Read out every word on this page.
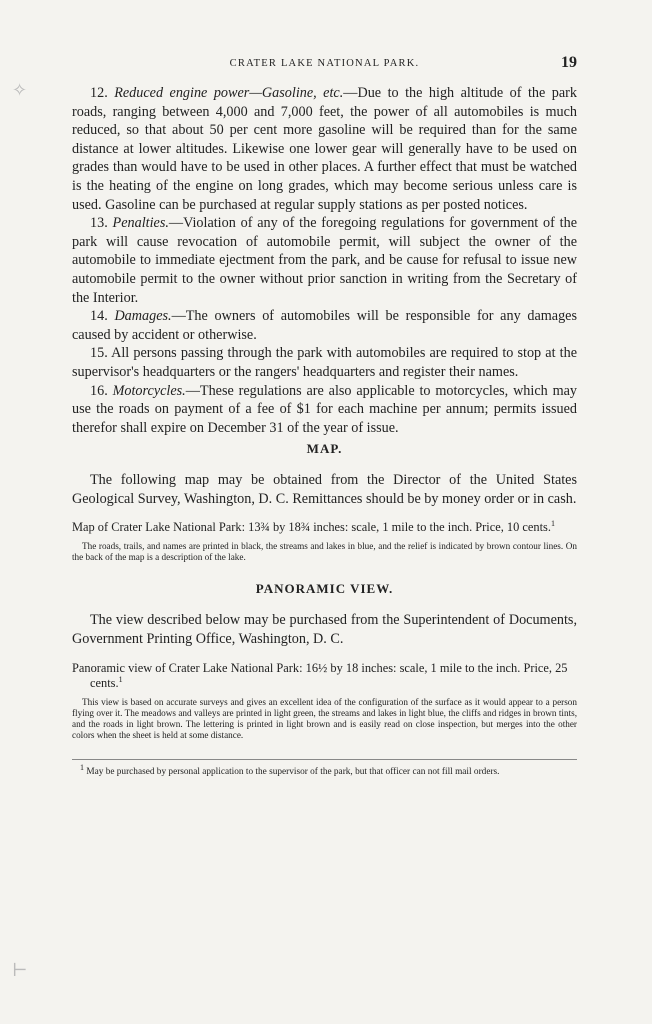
✧
⊢
CRATER LAKE NATIONAL PARK.	19

12. Reduced engine power—Gasoline, etc.—Due to the high altitude of the park roads, ranging between 4,000 and 7,000 feet, the power of all automobiles is much reduced, so that about 50 per cent more gasoline will be required than for the same distance at lower altitudes. Likewise one lower gear will generally have to be used on grades than would have to be used in other places. A further effect that must be watched is the heating of the engine on long grades, which may become serious unless care is used. Gasoline can be purchased at regular supply stations as per posted notices.

13. Penalties.—Violation of any of the foregoing regulations for government of the park will cause revocation of automobile permit, will subject the owner of the automobile to immediate ejectment from the park, and be cause for refusal to issue new automobile permit to the owner without prior sanction in writing from the Secretary of the Interior.

14. Damages.—The owners of automobiles will be responsible for any damages caused by accident or otherwise.

15. All persons passing through the park with automobiles are required to stop at the supervisor's headquarters or the rangers' headquarters and register their names.

16. Motorcycles.—These regulations are also applicable to motorcycles, which may use the roads on payment of a fee of $1 for each machine per annum; permits issued therefor shall expire on December 31 of the year of issue.

MAP.

The following map may be obtained from the Director of the United States Geological Survey, Washington, D. C. Remittances should be by money order or in cash.

Map of Crater Lake National Park: 13¾ by 18¾ inches: scale, 1 mile to the inch. Price, 10 cents.$^1$

The roads, trails, and names are printed in black, the streams and lakes in blue, and the relief is indicated by brown contour lines. On the back of the map is a description of the lake.

PANORAMIC VIEW.

The view described below may be purchased from the Superintendent of Documents, Government Printing Office, Washington, D. C.

Panoramic view of Crater Lake National Park: 16½ by 18 inches: scale, 1 mile to the inch. Price, 25 cents.$^1$

This view is based on accurate surveys and gives an excellent idea of the configuration of the surface as it would appear to a person flying over it. The meadows and valleys are printed in light green, the streams and lakes in light blue, the cliffs and ridges in brown tints, and the roads in light brown. The lettering is printed in light brown and is easily read on close inspection, but merges into the other colors when the sheet is held at some distance.

$^1$ May be purchased by personal application to the supervisor of the park, but that officer can not fill mail orders.
